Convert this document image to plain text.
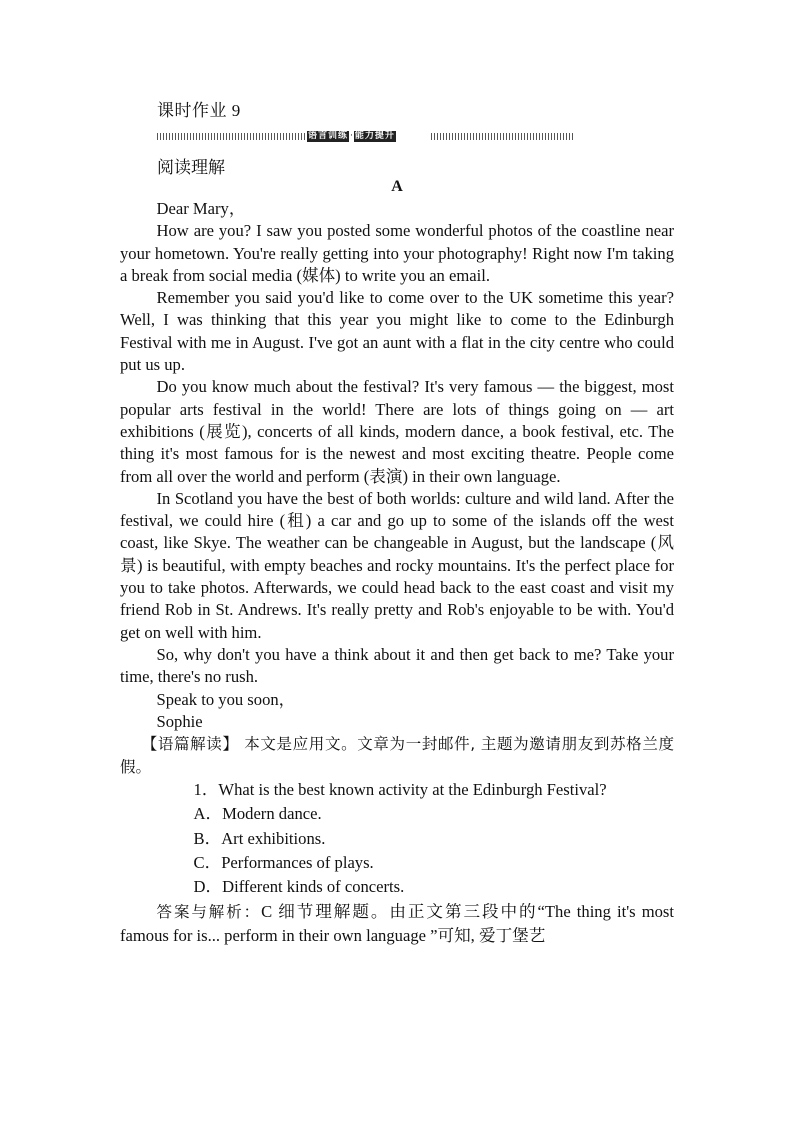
课时作业 9
语言训练 · 能力提升
阅读理解
A

Dear Mary，

How are you? I saw you posted some wonderful photos of the coastline near your hometown. You're really getting into your photography! Right now I'm taking a break from social media (媒体) to write you an email.

Remember you said you'd like to come over to the UK sometime this year? Well, I was thinking that this year you might like to come to the Edinburgh Festival with me in August. I've got an aunt with a flat in the city centre who could put us up.

Do you know much about the festival? It's very famous — the biggest, most popular arts festival in the world! There are lots of things going on — art exhibitions (展览), concerts of all kinds, modern dance, a book festival, etc. The thing it's most famous for is the newest and most exciting theatre. People come from all over the world and perform (表演) in their own language.

In Scotland you have the best of both worlds: culture and wild land. After the festival, we could hire (租) a car and go up to some of the islands off the west coast, like Skye. The weather can be changeable in August, but the landscape (风景) is beautiful, with empty beaches and rocky mountains. It's the perfect place for you to take photos. Afterwards, we could head back to the east coast and visit my friend Rob in St. Andrews. It's really pretty and Rob's enjoyable to be with. You'd get on well with him.

So, why don't you have a think about it and then get back to me? Take your time, there's no rush.

Speak to you soon，

Sophie

【语篇解读】 本文是应用文。文章为一封邮件, 主题为邀请朋友到苏格兰度假。

1．What is the best known activity at the Edinburgh Festival?

A．Modern dance.

B．Art exhibitions.

C．Performances of plays.

D．Different kinds of concerts.

答案与解析：C 细节理解题。由正文第三段中的“The thing it's most famous for is... perform in their own language ”可知, 爱丁堡艺
